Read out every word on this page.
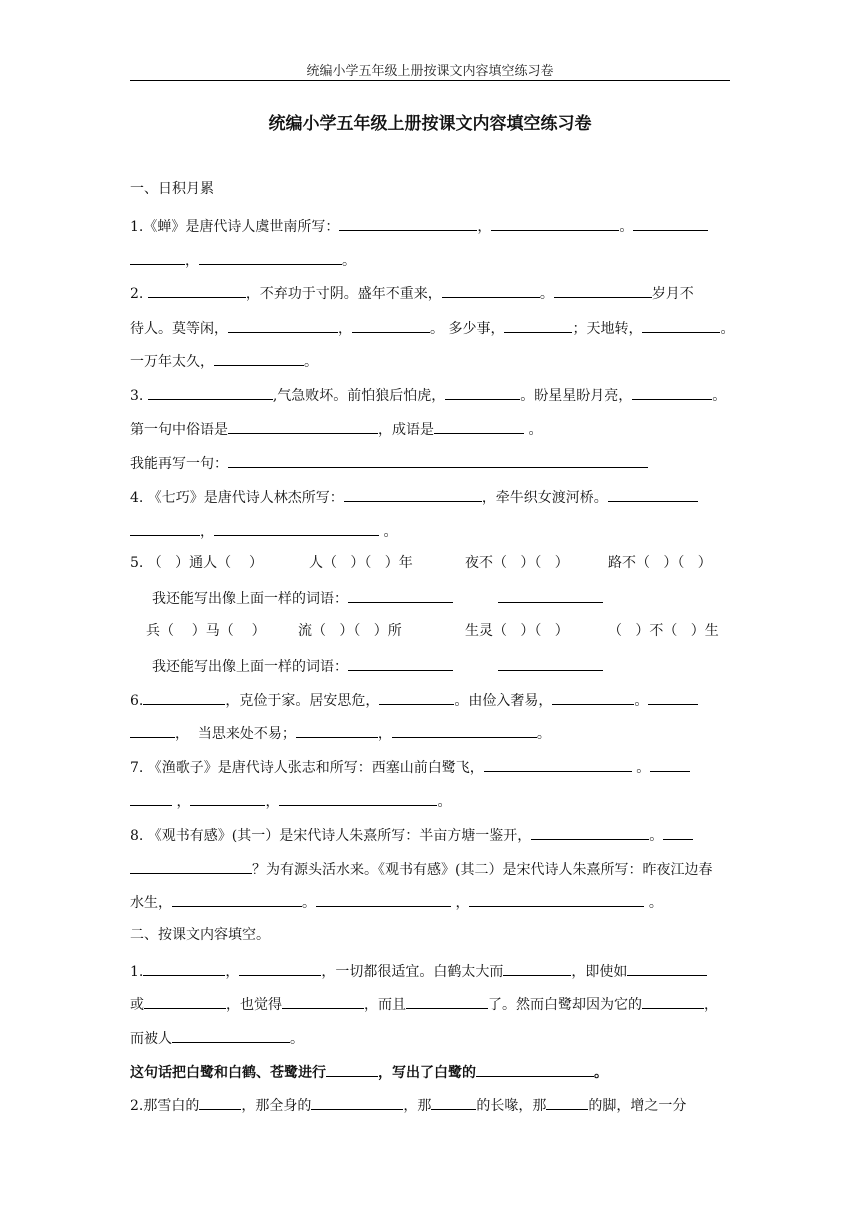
统编小学五年级上册按课文内容填空练习卷
统编小学五年级上册按课文内容填空练习卷
一、日积月累
1.《蝉》是唐代诗人虞世南所写：	，	。
，	。
2.	，不弃功于寸阴。盛年不重来，	。	岁月不
待人。莫等闲，	，	。 多少事，	；天地转，	。
一万年太久，	。
3.	,气急败坏。前怕狼后怕虎，	。盼星星盼月亮，	。
第一句中俗语是	，成语是	。
我能再写一句：
4. 《七巧》是唐代诗人林杰所写：	，牵牛织女渡河桥。
，	。
5. （   ）通人（    ）	人（   ）（   ）年	夜不（   ）（   ）	路不（   ）（   ）
我还能写出像上面一样的词语：
兵（    ）马（    ） 流（   ）（   ）所	生灵（   ）（   ）	（   ）不（   ）生
我还能写出像上面一样的词语：
6.	，克俭于家。居安思危，	。由俭入奢易，	。
，  当思来处不易；	，	。
7. 《渔歌子》是唐代诗人张志和所写：西塞山前白鹭飞，	。
，	，	。
8. 《观书有感》(其一）是宋代诗人朱熹所写：半亩方塘一鉴开，	。
？为有源头活水来。《观书有感》(其二）是宋代诗人朱熹所写：昨夜江边春
水生，	。	，	。
二、按课文内容填空。
1.	，	，一切都很适宜。白鹤太大而	，即使如
或	，也觉得	，而且	了。然而白鹭却因为它的	，
而被人	。
这句话把白鹭和白鹤、苍鹭进行	，写出了白鹭的	。
2.那雪白的	，那全身的	，那	的长喙，那	的脚，增之一分
